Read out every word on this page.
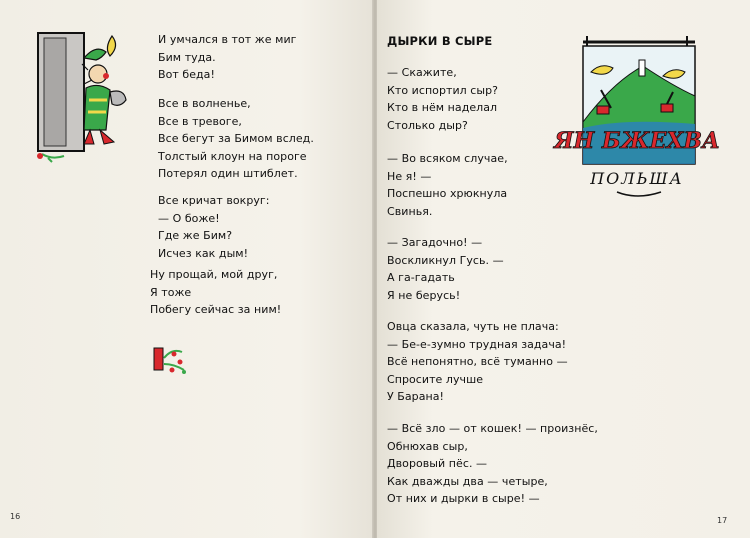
И умчался в тот же миг
Бим туда.
Вот беда!
Все в волненье,
Все в тревоге,
Все бегут за Бимом вслед.
Толстый клоун на пороге
Потерял один штиблет.
Все кричат вокруг:
— О боже!
Где же Бим?
Исчез как дым!
Ну прощай, мой друг,
Я тоже
Побегу сейчас за ним!
16
ДЫРКИ В СЫРЕ
— Скажите,
Кто испортил сыр?
Кто в нём наделал
Столько дыр?
— Во всяком случае,
Не я! —
Поспешно хрюкнула
Свинья.
— Загадочно! —
Воскликнул Гусь. —
А га-гадать
Я не берусь!
Овца сказала, чуть не плача:
— Бе-е-зумно трудная задача!
Всё непонятно, всё туманно —
Спросите лучше
У Барана!
— Всё зло — от кошек! — произнёс,
Обнюхав сыр,
Дворовый пёс. —
Как дважды два — четыре,
От них и дырки в сыре! —
ЯН БЖЕХВА
ПОЛЬША
17
